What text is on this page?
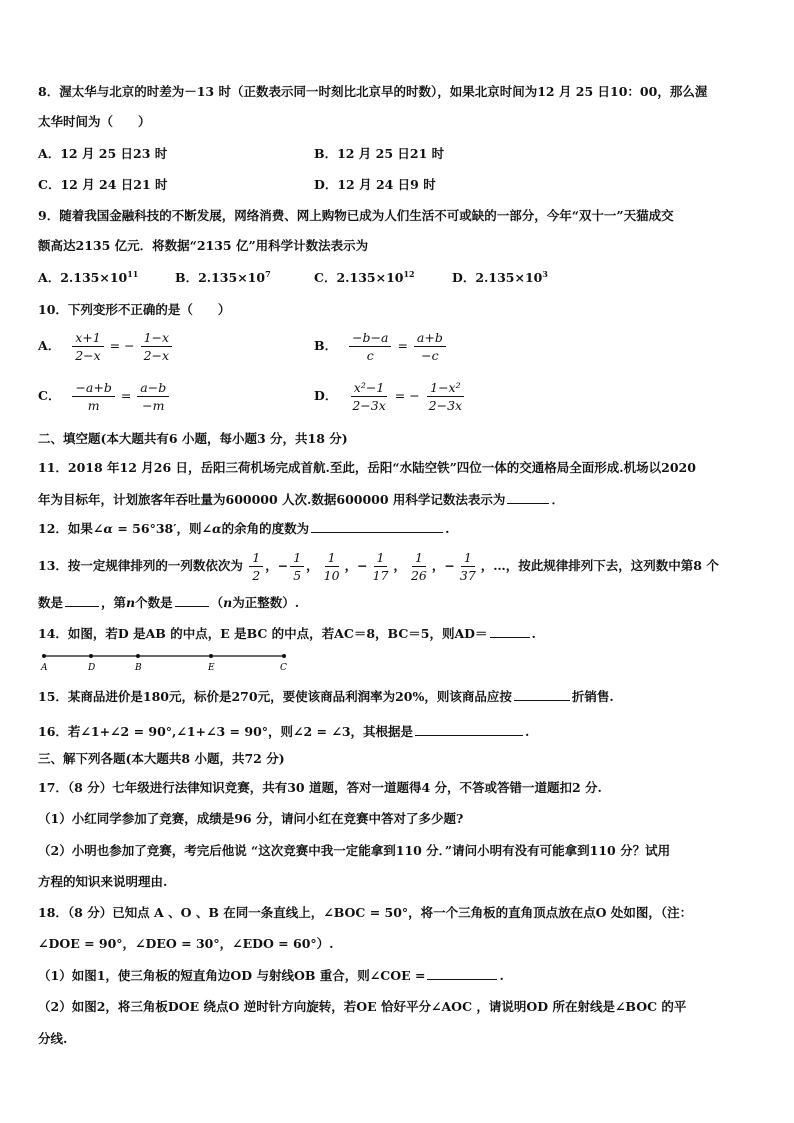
8．渥太华与北京的时差为－13 时（正数表示同一时刻比北京早的时数），如果北京时间为12 月 25 日10：00，那么渥
太华时间为（　　）
A．12 月 25 日23 时	B．12 月 25 日21 时
C．12 月 24 日21 时	D．12 月 24 日9 时
9．随着我国金融科技的不断发展，网络消费、网上购物已成为人们生活不可或缺的一部分，今年“双十一”天猫成交
额高达2135 亿元．将数据“2135 亿”用科学计数法表示为
A．$2.135\times 10^{11}$	B．$2.135\times 10^7$	C．$2.135\times 10^{12}$	D．$2.135\times 10^3$
10．下列变形不正确的是（　　）
A． $\frac{x+1}{2-x}$ = − $\frac{1-x}{2-x}$	B． $\frac{-b-a}{c} = \frac{a+b}{-c}$
C． $\frac{-a+b}{m} = \frac{a-b}{-m}$	D． $\frac{\text{x²−1}}{2-3x}$ = − $\frac{\text{1−x²}}{2-3x}$
二、填空题(本大题共有6 小题，每小题3 分，共18 分)
11．2018 年12 月26 日，岳阳三荷机场完成首航.至此，岳阳“水陆空铁”四位一体的交通格局全面形成.机场以2020
年为目标年，计划旅客年吞吐量为600000 人次.数据600000 用科学记数法表示为	．
12．如果∠α = 56°38′，则∠α的余角的度数为	.
13．按一定规律排列的一列数依次为 $\frac{1}{2}$ ，− $\frac{1}{5}$ ， $\frac{1}{10}$ ，− $\frac{1}{17}$ ， $\frac{1}{26}$ ，− $\frac{1}{37}$ ，…，按此规律排列下去，这列数中第8 个
数是	，第n个数是	（n为正整数）.
14．如图，若D 是AB 的中点，E 是BC 的中点，若AC＝8，BC＝5，则AD＝	.
A	D	B	E	C
15．某商品进价是180元，标价是270元，要使该商品利润率为20%，则该商品应按	折销售.
16．若∠1+∠2 = 90°,∠1+∠3 = 90°，则∠2 = ∠3，其根据是	.
三、解下列各题(本大题共8 小题，共72 分)
17．（8 分）七年级进行法律知识竞赛，共有30 道题，答对一道题得4 分，不答或答错一道题扣2 分.
（1）小红同学参加了竞赛，成绩是96 分，请问小红在竞赛中答对了多少题?
（2）小明也参加了竞赛，考完后他说 “这次竞赛中我一定能拿到110 分．”请问小明有没有可能拿到110 分？试用
方程的知识来说明理由.
18．（8 分）已知点 A 、O 、B 在同一条直线上，∠BOC = 50°，将一个三角板的直角顶点放在点O 处如图，（注：
∠DOE = 90°，∠DEO = 30°，∠EDO = 60°）.
（1）如图1，使三角板的短直角边OD 与射线OB 重合，则∠COE =	.
（2）如图2，将三角板DOE 绕点O 逆时针方向旋转，若OE 恰好平分∠AOC ，请说明OD 所在射线是∠BOC 的平
分线.
